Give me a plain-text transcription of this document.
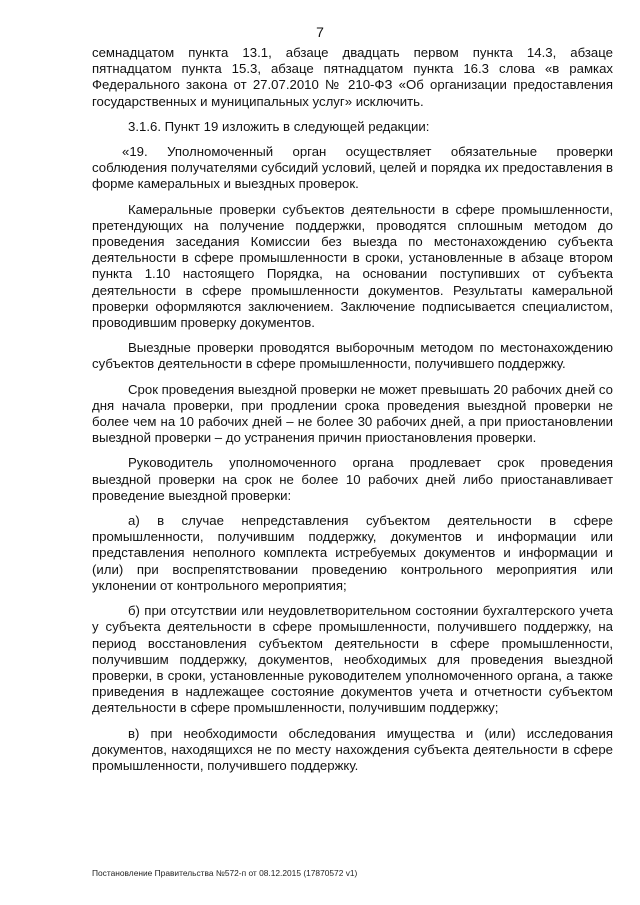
7

семнадцатом пункта 13.1, абзаце двадцать первом пункта 14.3, абзаце пятнадцатом пункта 15.3, абзаце пятнадцатом пункта 16.3 слова «в рамках Федерального закона от 27.07.2010 № 210-ФЗ «Об организации предоставления государственных и муниципальных услуг» исключить.

3.1.6. Пункт 19 изложить в следующей редакции:

«19. Уполномоченный орган осуществляет обязательные проверки соблюдения получателями субсидий условий, целей и порядка их предоставления в форме камеральных и выездных проверок.

Камеральные проверки субъектов деятельности в сфере промышленности, претендующих на получение поддержки, проводятся сплошным методом до проведения заседания Комиссии без выезда по местонахождению субъекта деятельности в сфере промышленности в сроки, установленные в абзаце втором пункта 1.10 настоящего Порядка, на основании поступивших от субъекта деятельности в сфере промышленности документов. Результаты камеральной проверки оформляются заключением. Заключение подписывается специалистом, проводившим проверку документов.

Выездные проверки проводятся выборочным методом по местонахождению субъектов деятельности в сфере промышленности, получившего поддержку.

Срок проведения выездной проверки не может превышать 20 рабочих дней со дня начала проверки, при продлении срока проведения выездной проверки не более чем на 10 рабочих дней – не более 30 рабочих дней, а при приостановлении выездной проверки – до устранения причин приостановления проверки.

Руководитель уполномоченного органа продлевает срок проведения выездной проверки на срок не более 10 рабочих дней либо приостанавливает проведение выездной проверки:

а) в случае непредставления субъектом деятельности в сфере промышленности, получившим поддержку, документов и информации или представления неполного комплекта истребуемых документов и информации и (или) при воспрепятствовании проведению контрольного мероприятия или уклонении от контрольного мероприятия;

б) при отсутствии или неудовлетворительном состоянии бухгалтерского учета у субъекта деятельности в сфере промышленности, получившего поддержку, на период восстановления субъектом деятельности в сфере промышленности, получившим поддержку, документов, необходимых для проведения выездной проверки, в сроки, установленные руководителем уполномоченного органа, а также приведения в надлежащее состояние документов учета и отчетности субъектом деятельности в сфере промышленности, получившим поддержку;

в) при необходимости обследования имущества и (или) исследования документов, находящихся не по месту нахождения субъекта деятельности в сфере промышленности, получившего поддержку.

Постановление Правительства №572-п от 08.12.2015 (17870572 v1)
